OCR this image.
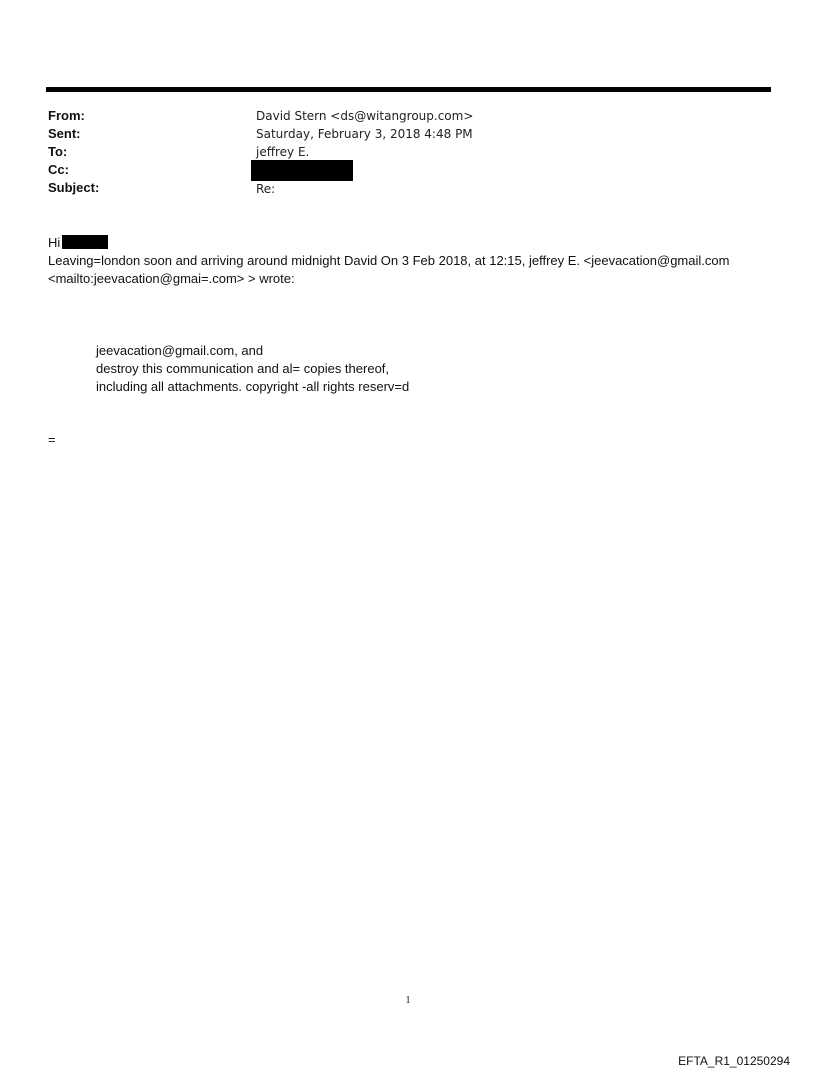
From:	David Stern <ds@witangroup.com>
Sent:	Saturday, February 3, 2018 4:48 PM
To:	jeffrey E.
Cc:
Subject:	Re:
Hi
Leaving=london soon and arriving around midnight David On 3 Feb 2018, at 12:15, jeffrey E. <jeevacation@gmail.com
<mailto:jeevacation@gmai=.com> > wrote:
jeevacation@gmail.com, and
destroy this communication and al= copies thereof,
including all attachments. copyright -all rights reserv=d
=
1
EFTA_R1_01250294
